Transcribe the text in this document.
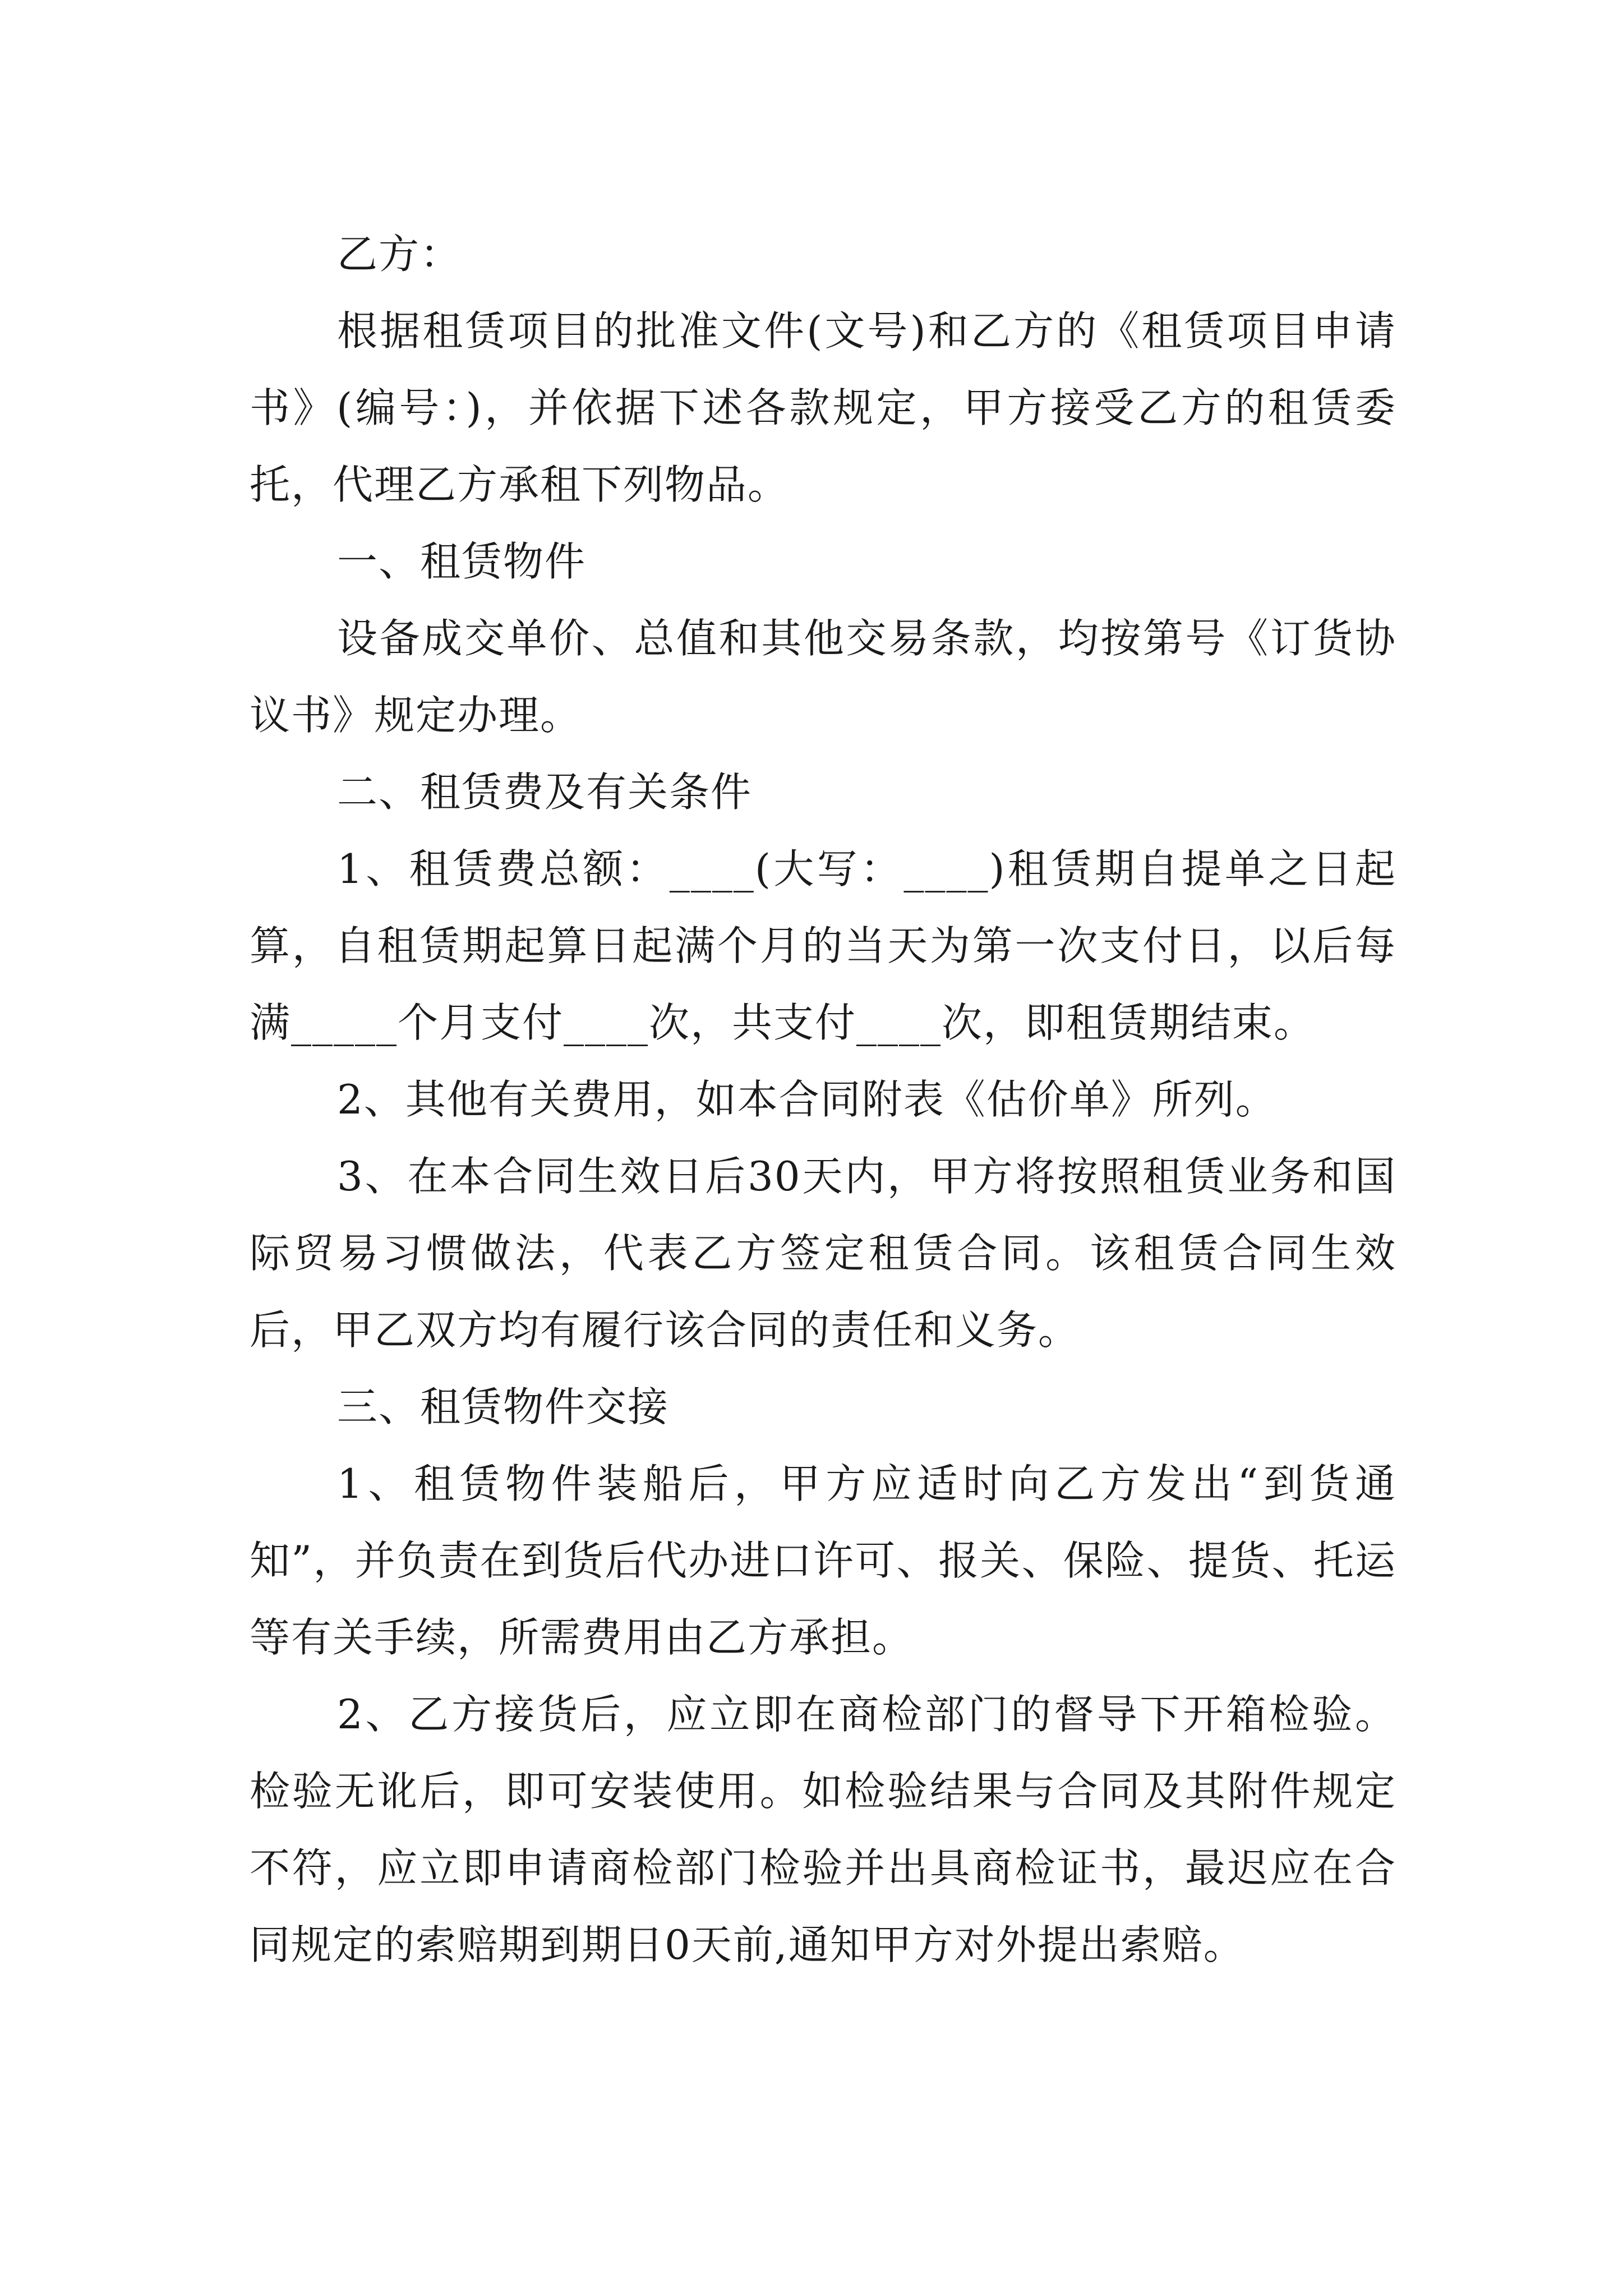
乙方：

根据租赁项目的批准文件(文号)和乙方的《租赁项目申请书》(编号：)，并依据下述各款规定，甲方接受乙方的租赁委托，代理乙方承租下列物品。

一、租赁物件

设备成交单价、总值和其他交易条款，均按第号《订货协议书》规定办理。

二、租赁费及有关条件

1、租赁费总额：____(大写：____)租赁期自提单之日起算，自租赁期起算日起满个月的当天为第一次支付日，以后每满_____个月支付____次，共支付____次，即租赁期结束。

2、其他有关费用，如本合同附表《估价单》所列。

3、在本合同生效日后30天内，甲方将按照租赁业务和国际贸易习惯做法，代表乙方签定租赁合同。该租赁合同生效后，甲乙双方均有履行该合同的责任和义务。

三、租赁物件交接

1、租赁物件装船后，甲方应适时向乙方发出“到货通知”，并负责在到货后代办进口许可、报关、保险、提货、托运等有关手续，所需费用由乙方承担。

2、乙方接货后，应立即在商检部门的督导下开箱检验。检验无讹后，即可安装使用。如检验结果与合同及其附件规定不符，应立即申请商检部门检验并出具商检证书，最迟应在合同规定的索赔期到期日0天前,通知甲方对外提出索赔。
